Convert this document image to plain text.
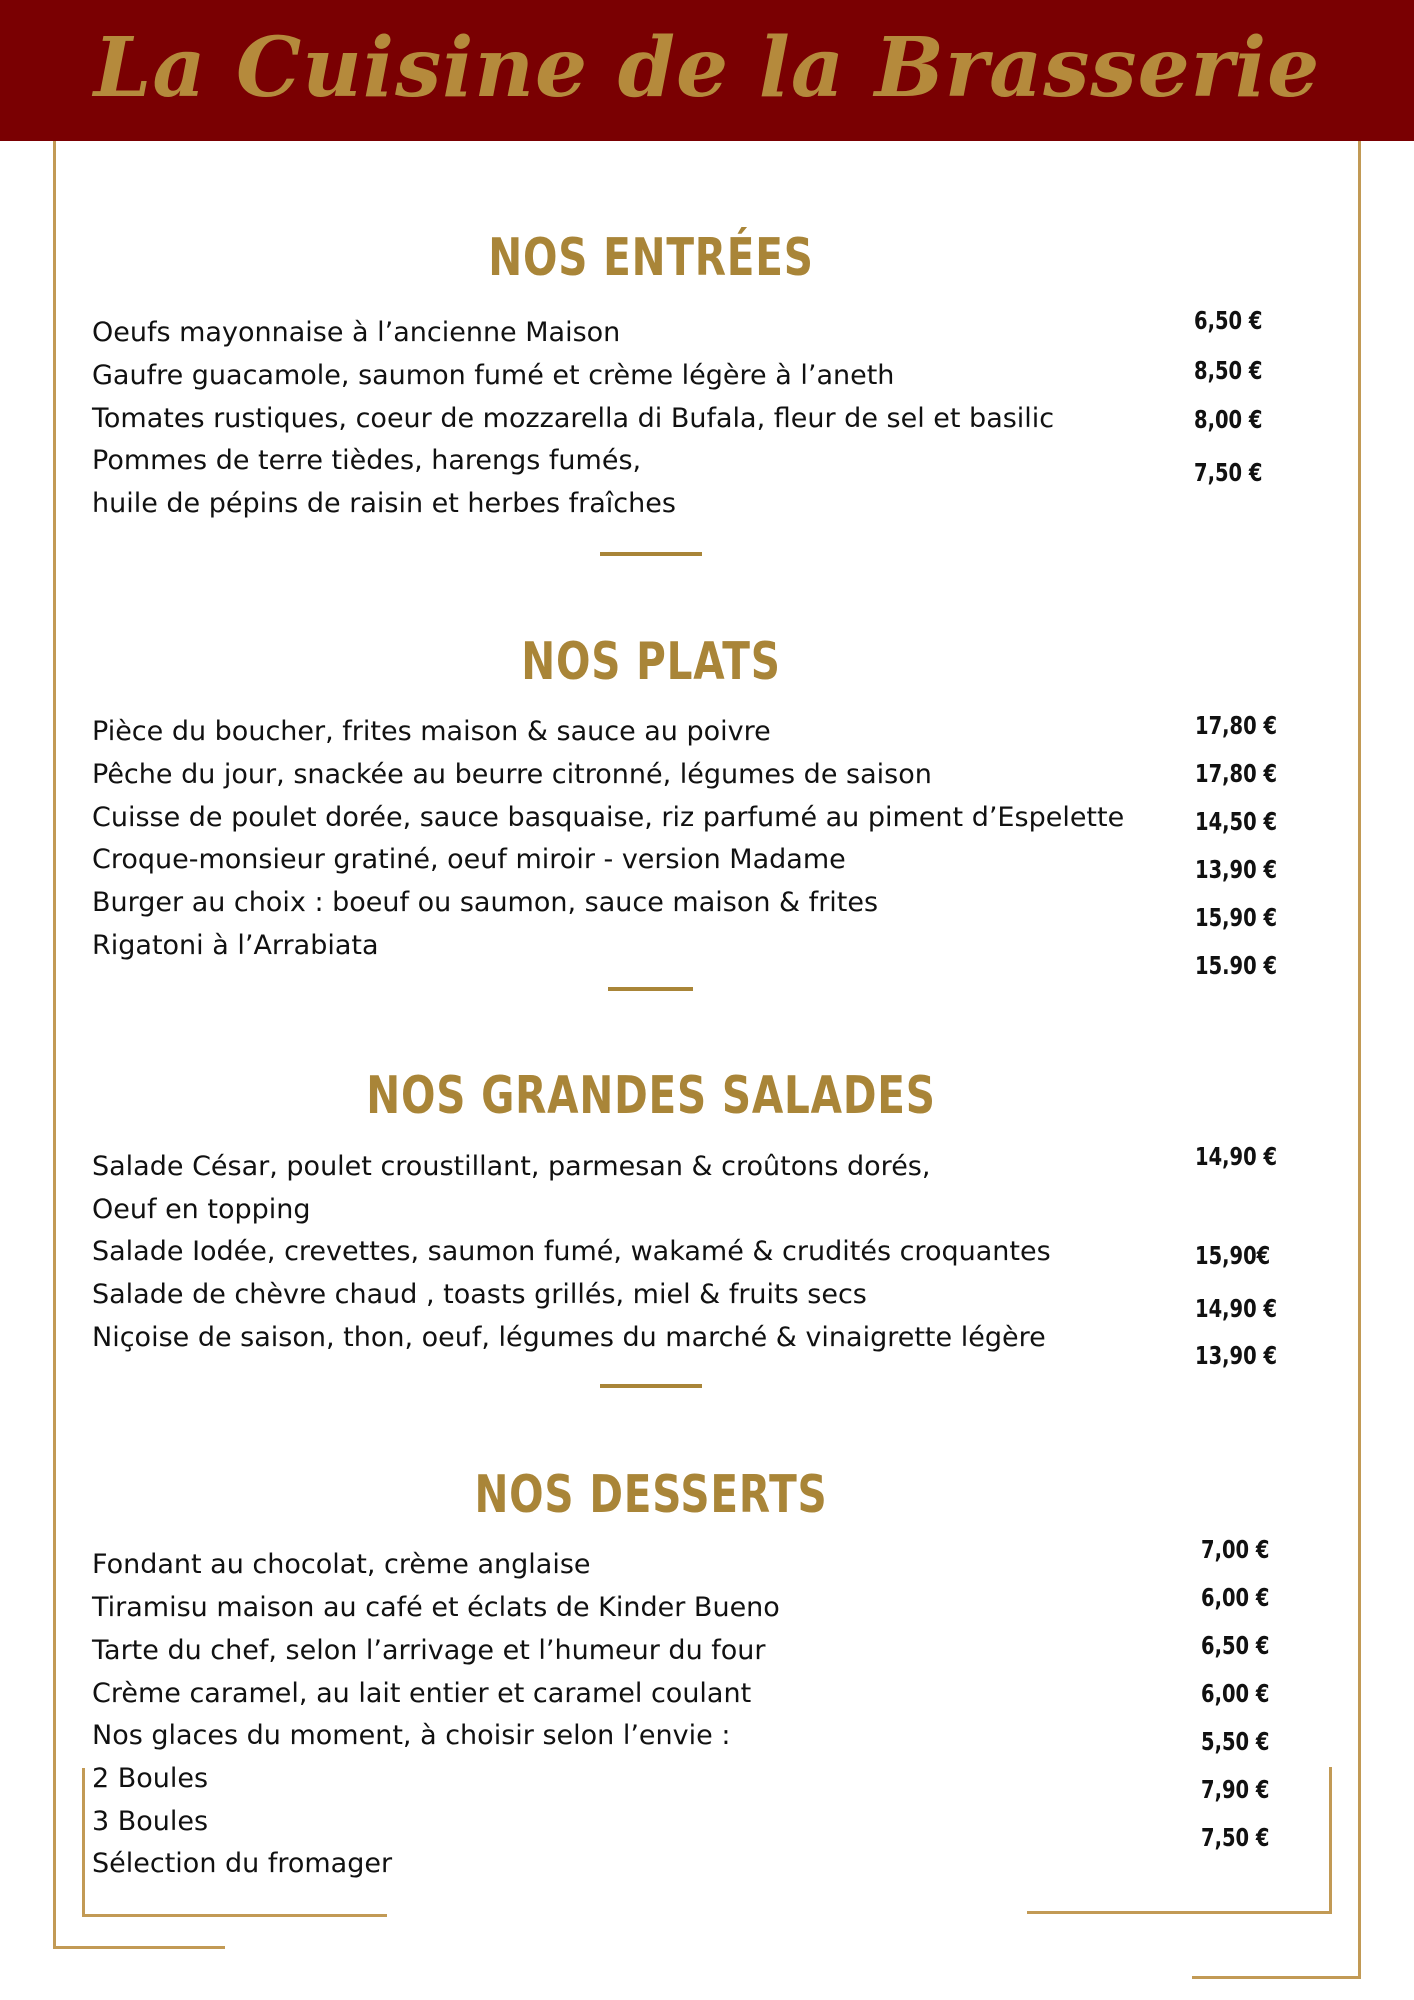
La Cuisine de la Brasserie
NOS ENTRÉES
Oeufs mayonnaise à l’ancienne Maison
Gaufre guacamole, saumon fumé et crème légère à l’aneth
Tomates rustiques, coeur de mozzarella di Bufala, fleur de sel et basilic
Pommes de terre tièdes, harengs fumés,
huile de pépins de raisin et herbes fraîches
6,50 €
8,50 €
8,00 €
7,50 €
NOS PLATS
Pièce du boucher, frites maison & sauce au poivre
Pêche du jour, snackée au beurre citronné, légumes de saison
Cuisse de poulet dorée, sauce basquaise, riz parfumé au piment d’Espelette
Croque-monsieur gratiné, oeuf miroir - version Madame
Burger au choix : boeuf ou saumon, sauce maison & frites
Rigatoni à l’Arrabiata
17,80 €
17,80 €
14,50 €
13,90 €
15,90 €
15.90 €
NOS GRANDES SALADES
Salade César, poulet croustillant, parmesan & croûtons dorés,
Oeuf en topping
Salade Iodée, crevettes, saumon fumé, wakamé & crudités croquantes
Salade de chèvre chaud , toasts grillés, miel & fruits secs
Niçoise de saison, thon, oeuf, légumes du marché & vinaigrette légère
14,90 €
15,90€
14,90 €
13,90 €
NOS DESSERTS
Fondant au chocolat, crème anglaise
Tiramisu maison au café et éclats de Kinder Bueno
Tarte du chef, selon l’arrivage et l’humeur du four
Crème caramel, au lait entier et caramel coulant
Nos glaces du moment, à choisir selon l’envie :
2 Boules
3 Boules
Sélection du fromager
7,00 €
6,00 €
6,50 €
6,00 €
5,50 €
7,90 €
7,50 €
